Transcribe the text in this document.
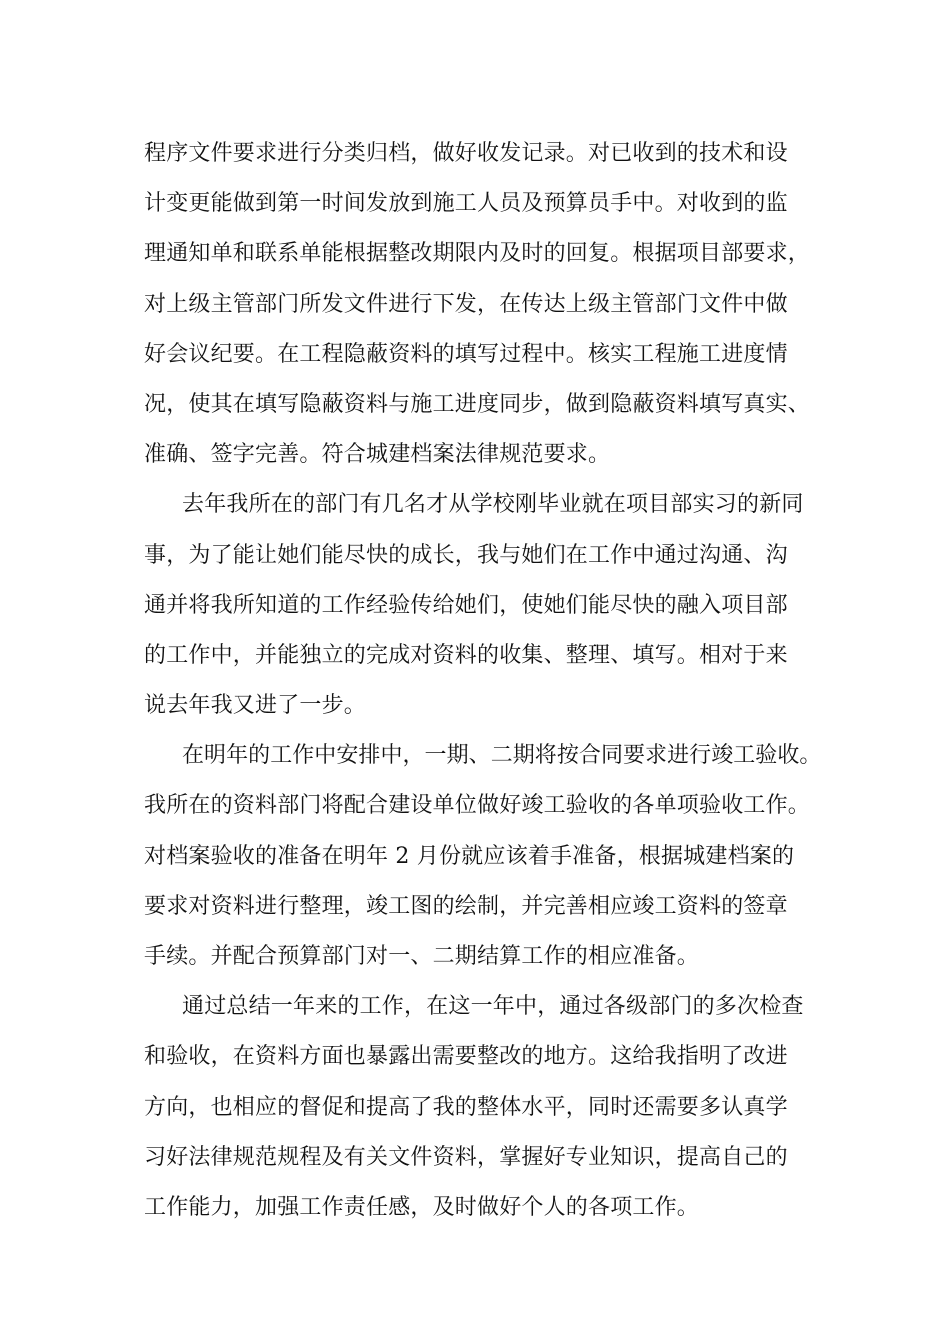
程序文件要求进行分类归档，做好收发记录。对已收到的技术和设
计变更能做到第一时间发放到施工人员及预算员手中。对收到的监
理通知单和联系单能根据整改期限内及时的回复。根据项目部要求，
对上级主管部门所发文件进行下发，在传达上级主管部门文件中做
好会议纪要。在工程隐蔽资料的填写过程中。核实工程施工进度情
况，使其在填写隐蔽资料与施工进度同步，做到隐蔽资料填写真实、
准确、签字完善。符合城建档案法律规范要求。
去年我所在的部门有几名才从学校刚毕业就在项目部实习的新同
事，为了能让她们能尽快的成长，我与她们在工作中通过沟通、沟
通并将我所知道的工作经验传给她们，使她们能尽快的融入项目部
的工作中，并能独立的完成对资料的收集、整理、填写。相对于来
说去年我又进了一步。
在明年的工作中安排中，一期、二期将按合同要求进行竣工验收。
我所在的资料部门将配合建设单位做好竣工验收的各单项验收工作。
对档案验收的准备在明年 2 月份就应该着手准备，根据城建档案的
要求对资料进行整理，竣工图的绘制，并完善相应竣工资料的签章
手续。并配合预算部门对一、二期结算工作的相应准备。
通过总结一年来的工作，在这一年中，通过各级部门的多次检查
和验收，在资料方面也暴露出需要整改的地方。这给我指明了改进
方向，也相应的督促和提高了我的整体水平，同时还需要多认真学
习好法律规范规程及有关文件资料，掌握好专业知识，提高自己的
工作能力，加强工作责任感，及时做好个人的各项工作。
